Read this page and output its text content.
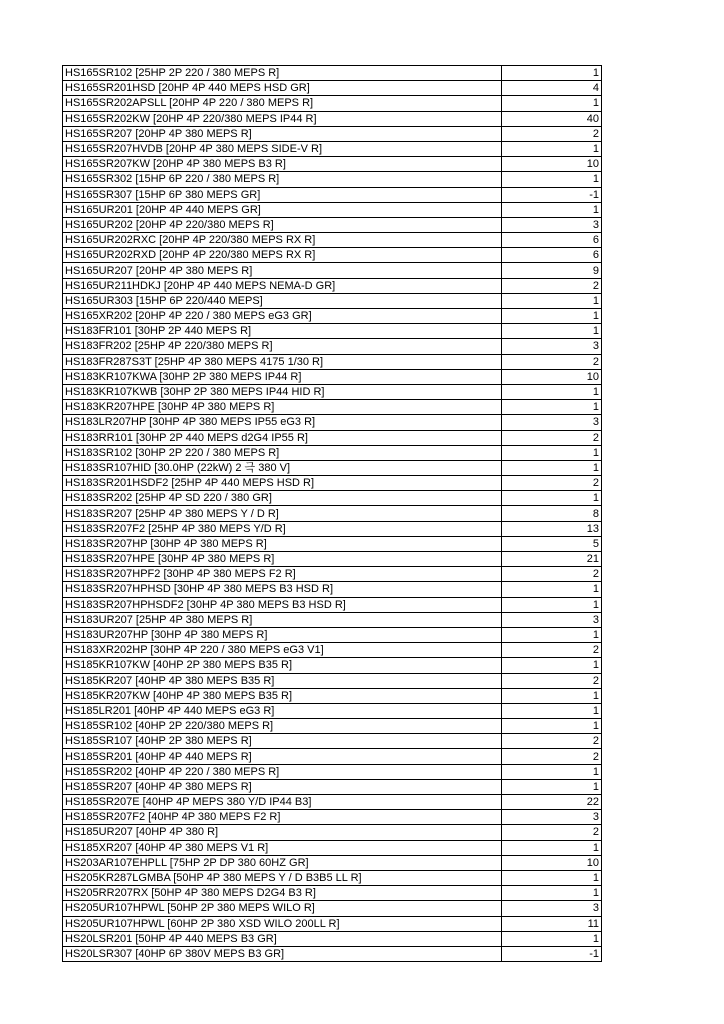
HS165SR102 [25HP 2P 220 / 380 MEPS R]	1
HS165SR201HSD [20HP 4P 440 MEPS HSD GR]	4
HS165SR202APSLL [20HP 4P 220 / 380 MEPS R]	1
HS165SR202KW [20HP 4P 220/380 MEPS IP44 R]	40
HS165SR207 [20HP 4P 380 MEPS R]	2
HS165SR207HVDB [20HP 4P 380 MEPS SIDE-V R]	1
HS165SR207KW [20HP 4P 380 MEPS B3 R]	10
HS165SR302 [15HP 6P 220 / 380 MEPS R]	1
HS165SR307 [15HP 6P 380 MEPS GR]	-1
HS165UR201 [20HP 4P 440 MEPS GR]	1
HS165UR202 [20HP 4P 220/380 MEPS R]	3
HS165UR202RXC [20HP 4P 220/380 MEPS RX R]	6
HS165UR202RXD [20HP 4P 220/380 MEPS RX R]	6
HS165UR207 [20HP 4P 380 MEPS R]	9
HS165UR211HDKJ [20HP 4P 440 MEPS NEMA-D GR]	2
HS165UR303 [15HP 6P 220/440 MEPS]	1
HS165XR202 [20HP 4P 220 / 380 MEPS eG3 GR]	1
HS183FR101 [30HP 2P 440 MEPS R]	1
HS183FR202 [25HP 4P 220/380 MEPS R]	3
HS183FR287S3T [25HP 4P 380 MEPS 4175 1/30 R]	2
HS183KR107KWA [30HP 2P 380 MEPS IP44 R]	10
HS183KR107KWB [30HP 2P 380 MEPS IP44 HID R]	1
HS183KR207HPE [30HP 4P 380 MEPS R]	1
HS183LR207HP [30HP 4P 380 MEPS IP55 eG3 R]	3
HS183RR101 [30HP 2P 440 MEPS d2G4 IP55 R]	2
HS183SR102 [30HP 2P 220 / 380 MEPS R]	1
HS183SR107HID [30.0HP (22kW) 2 극 380 V]	1
HS183SR201HSDF2 [25HP 4P 440 MEPS HSD R]	2
HS183SR202 [25HP 4P SD 220 / 380 GR]	1
HS183SR207 [25HP 4P 380 MEPS Y / D R]	8
HS183SR207F2 [25HP 4P 380 MEPS Y/D R]	13
HS183SR207HP [30HP 4P 380 MEPS R]	5
HS183SR207HPE [30HP 4P 380 MEPS R]	21
HS183SR207HPF2 [30HP 4P 380 MEPS F2 R]	2
HS183SR207HPHSD [30HP 4P 380 MEPS B3 HSD R]	1
HS183SR207HPHSDF2 [30HP 4P 380 MEPS B3 HSD R]	1
HS183UR207 [25HP 4P 380 MEPS R]	3
HS183UR207HP [30HP 4P 380 MEPS R]	1
HS183XR202HP [30HP 4P 220 / 380 MEPS eG3 V1]	2
HS185KR107KW [40HP 2P 380 MEPS B35 R]	1
HS185KR207 [40HP 4P 380 MEPS B35 R]	2
HS185KR207KW [40HP 4P 380 MEPS B35 R]	1
HS185LR201 [40HP 4P 440 MEPS eG3 R]	1
HS185SR102 [40HP 2P 220/380 MEPS R]	1
HS185SR107 [40HP 2P 380 MEPS R]	2
HS185SR201 [40HP 4P 440 MEPS R]	2
HS185SR202 [40HP 4P 220 / 380 MEPS R]	1
HS185SR207 [40HP 4P 380 MEPS R]	1
HS185SR207E [40HP 4P MEPS 380 Y/D IP44 B3]	22
HS185SR207F2 [40HP 4P 380 MEPS F2 R]	3
HS185UR207 [40HP 4P 380 R]	2
HS185XR207 [40HP 4P 380 MEPS V1 R]	1
HS203AR107EHPLL [75HP 2P DP 380 60HZ GR]	10
HS205KR287LGMBA [50HP 4P 380 MEPS Y / D B3B5 LL R]	1
HS205RR207RX [50HP 4P 380 MEPS D2G4 B3 R]	1
HS205UR107HPWL [50HP 2P 380 MEPS WILO R]	3
HS205UR107HPWL [60HP 2P 380 XSD WILO 200LL R]	11
HS20LSR201 [50HP 4P 440 MEPS B3 GR]	1
HS20LSR307 [40HP 6P 380V MEPS B3 GR]	-1
